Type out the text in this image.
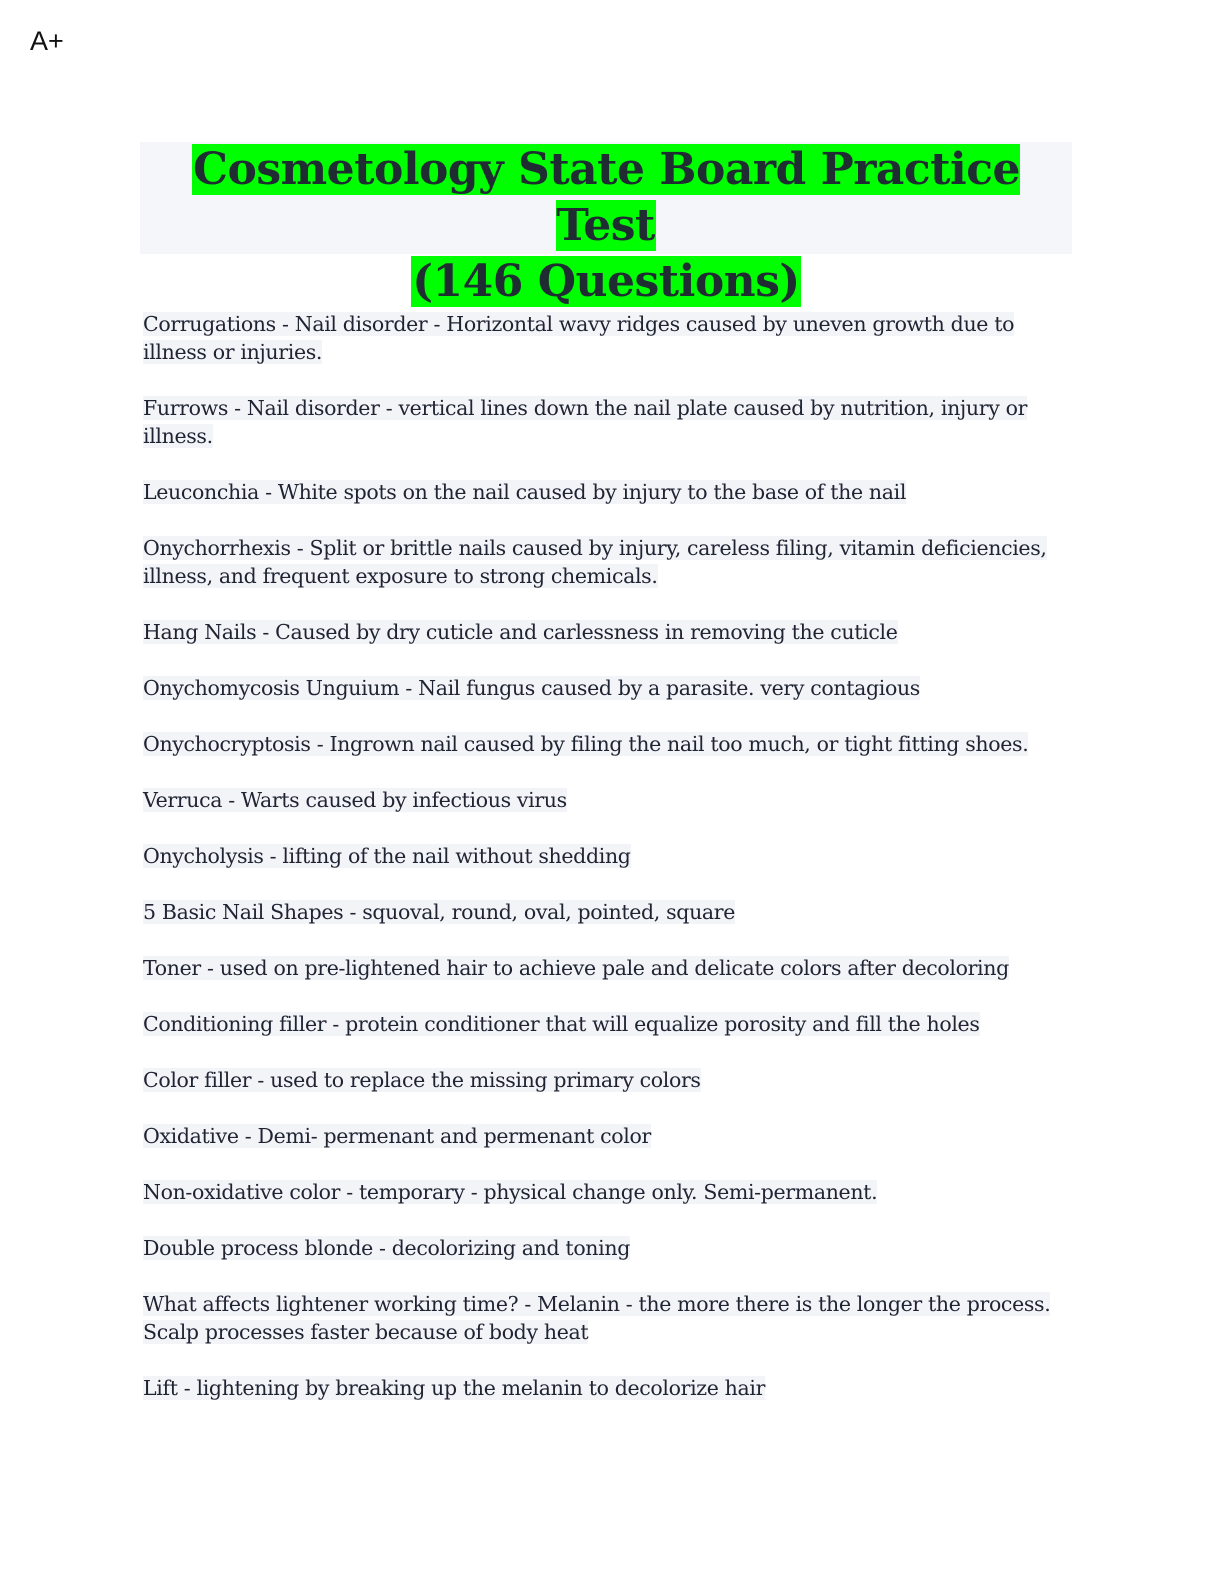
A+
Cosmetology State Board Practice Test
(146 Questions)
Corrugations - Nail disorder - Horizontal wavy ridges caused by uneven growth due to illness or injuries.
Furrows - Nail disorder - vertical lines down the nail plate caused by nutrition, injury or illness.
Leuconchia - White spots on the nail caused by injury to the base of the nail
Onychorrhexis - Split or brittle nails caused by injury, careless filing, vitamin deficiencies, illness, and frequent exposure to strong chemicals.
Hang Nails - Caused by dry cuticle and carlessness in removing the cuticle
Onychomycosis Unguium - Nail fungus caused by a parasite. very contagious
Onychocryptosis - Ingrown nail caused by filing the nail too much, or tight fitting shoes.
Verruca - Warts caused by infectious virus
Onycholysis - lifting of the nail without shedding
5 Basic Nail Shapes - squoval, round, oval, pointed, square
Toner - used on pre-lightened hair to achieve pale and delicate colors after decoloring
Conditioning filler - protein conditioner that will equalize porosity and fill the holes
Color filler - used to replace the missing primary colors
Oxidative - Demi- permenant and permenant color
Non-oxidative color - temporary - physical change only. Semi-permanent.
Double process blonde - decolorizing and toning
What affects lightener working time? - Melanin - the more there is the longer the process. Scalp processes faster because of body heat
Lift - lightening by breaking up the melanin to decolorize hair
